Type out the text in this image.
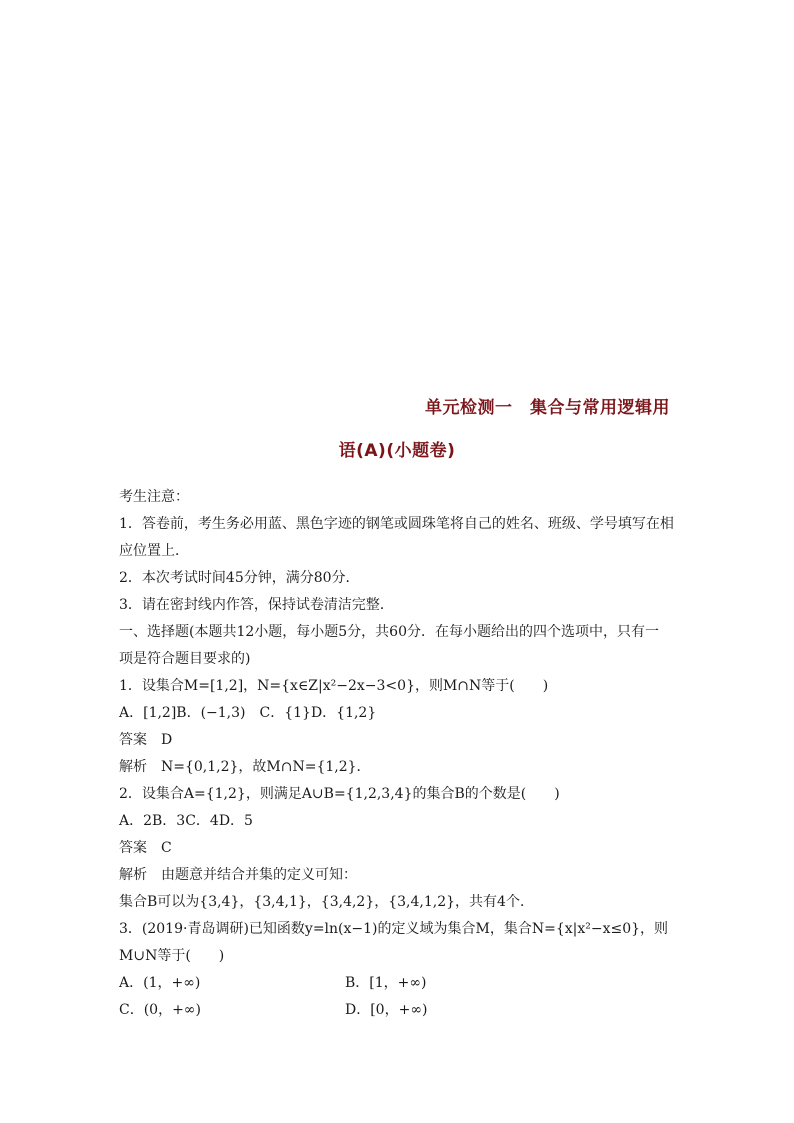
单元检测一　集合与常用逻辑用
语(A)(小题卷)
考生注意：
1．答卷前，考生务必用蓝、黑色字迹的钢笔或圆珠笔将自己的姓名、班级、学号填写在相
应位置上．
2．本次考试时间45分钟，满分80分．
3．请在密封线内作答，保持试卷清洁完整．
一、选择题(本题共12小题，每小题5分，共60分．在每小题给出的四个选项中，只有一
项是符合题目要求的)
1．设集合M=[1,2]，N={x∈Z|x²−2x−3<0}，则M∩N等于(　　)
A．[1,2]B．(−1,3)　C．{1}D．{1,2}
答案　D
解析　N={0,1,2}，故M∩N={1,2}．
2．设集合A={1,2}，则满足A∪B={1,2,3,4}的集合B的个数是(　　)
A．2B．3C．4D．5
答案　C
解析　由题意并结合并集的定义可知：
集合B可以为{3,4}，{3,4,1}，{3,4,2}，{3,4,1,2}，共有4个．
3．(2019·青岛调研)已知函数y=ln(x−1)的定义域为集合M，集合N={x|x²−x≤0}，则
M∪N等于(　　)
A．(1，+∞)	B．[1，+∞)
C．(0，+∞)	D．[0，+∞)
